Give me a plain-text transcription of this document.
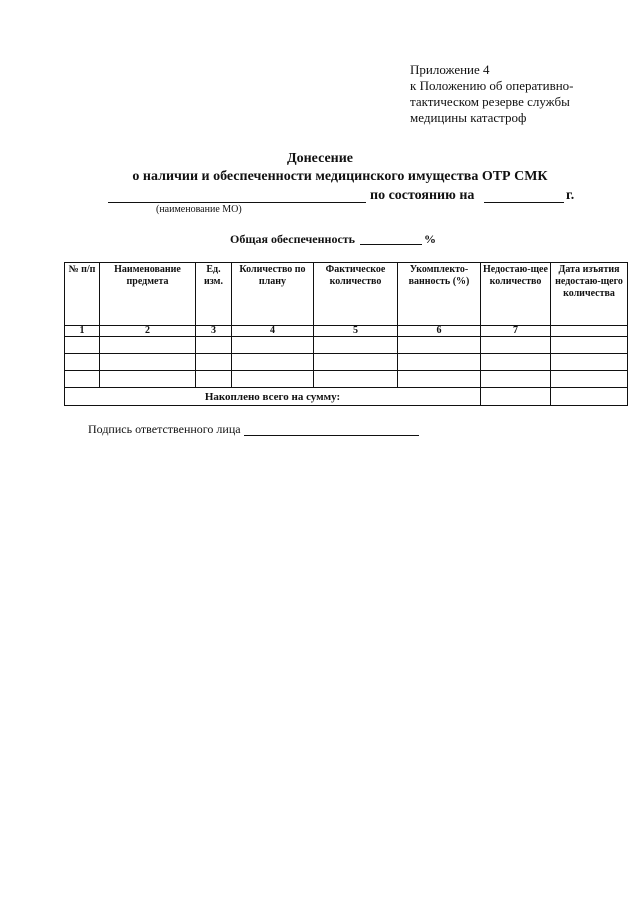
Приложение 4
к Положению об оперативно-
тактическом резерве службы
медицины катастроф
Донесение
о наличии и обеспеченности медицинского имущества ОТР СМК
по состоянию на	г.
(наименование МО)
Общая обеспеченность	%
№ п/п	Наименование предмета	Ед. изм.	Количество по плану	Фактическое количество	Укомплекто-ванность (%)	Недостаю-щее количество	Дата изъятия недостаю-щего количества
1	2	3	4	5	6	7	

Накоплено всего на сумму:							
Подпись ответственного лица
